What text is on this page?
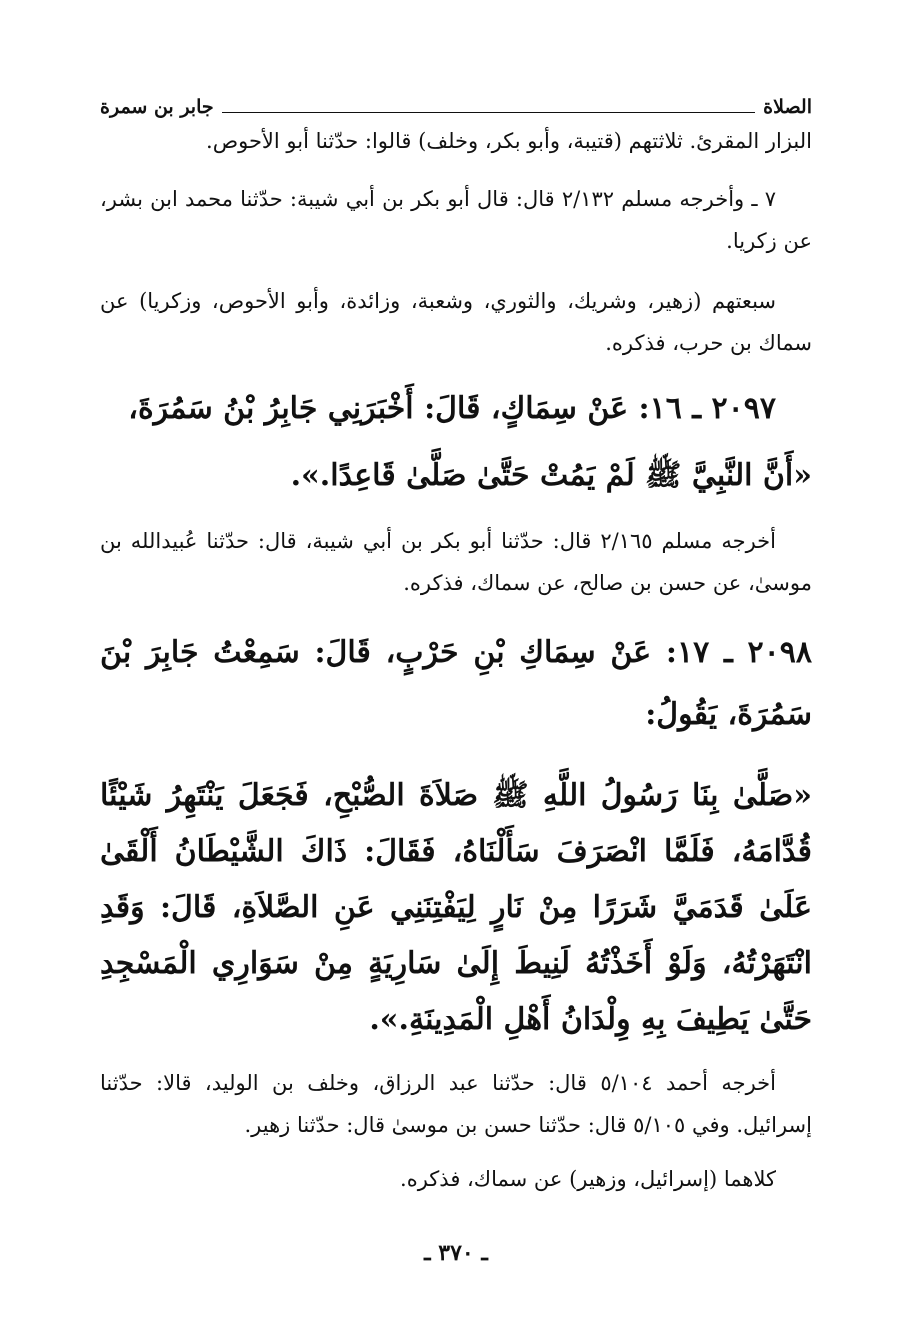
الصلاة
جابر بن سمرة

البزار المقرئ. ثلاثتهم (قتيبة، وأبو بكر، وخلف) قالوا: حدّثنا أبو الأحوص.

٧ ـ وأخرجه مسلم ٢/١٣٢ قال: قال أبو بكر بن أبي شيبة: حدّثنا محمد ابن بشر، عن زكريا.

سبعتهم (زهير، وشريك، والثوري، وشعبة، وزائدة، وأبو الأحوص، وزكريا) عن سماك بن حرب، فذكره.

٢٠٩٧ ـ ١٦: عَنْ سِمَاكٍ، قَالَ: أَخْبَرَنِي جَابِرُ بْنُ سَمُرَةَ،

«أَنَّ النَّبِيَّ ﷺ لَمْ يَمُتْ حَتَّىٰ صَلَّىٰ قَاعِدًا.».

أخرجه مسلم ٢/١٦٥ قال: حدّثنا أبو بكر بن أبي شيبة، قال: حدّثنا عُبيدالله بن موسىٰ، عن حسن بن صالح، عن سماك، فذكره.

٢٠٩٨ ـ ١٧: عَنْ سِمَاكِ بْنِ حَرْبٍ، قَالَ: سَمِعْتُ جَابِرَ بْنَ سَمُرَةَ، يَقُولُ:

«صَلَّىٰ بِنَا رَسُولُ اللَّهِ ﷺ صَلاَةَ الصُّبْحِ، فَجَعَلَ يَنْتَهِرُ شَيْئًا قُدَّامَهُ، فَلَمَّا انْصَرَفَ سَأَلْنَاهُ، فَقَالَ: ذَاكَ الشَّيْطَانُ أَلْقَىٰ عَلَىٰ قَدَمَيَّ شَرَرًا مِنْ نَارٍ لِيَفْتِنَنِي عَنِ الصَّلاَةِ، قَالَ: وَقَدِ انْتَهَرْتُهُ، وَلَوْ أَخَذْتُهُ لَنِيطَ إِلَىٰ سَارِيَةٍ مِنْ سَوَارِي الْمَسْجِدِ حَتَّىٰ يَطِيفَ بِهِ وِلْدَانُ أَهْلِ الْمَدِينَةِ.».

أخرجه أحمد ٥/١٠٤ قال: حدّثنا عبد الرزاق، وخلف بن الوليد، قالا: حدّثنا إسرائيل. وفي ٥/١٠٥ قال: حدّثنا حسن بن موسىٰ قال: حدّثنا زهير.

كلاهما (إسرائيل، وزهير) عن سماك، فذكره.

ـ ٣٧٠ ـ
